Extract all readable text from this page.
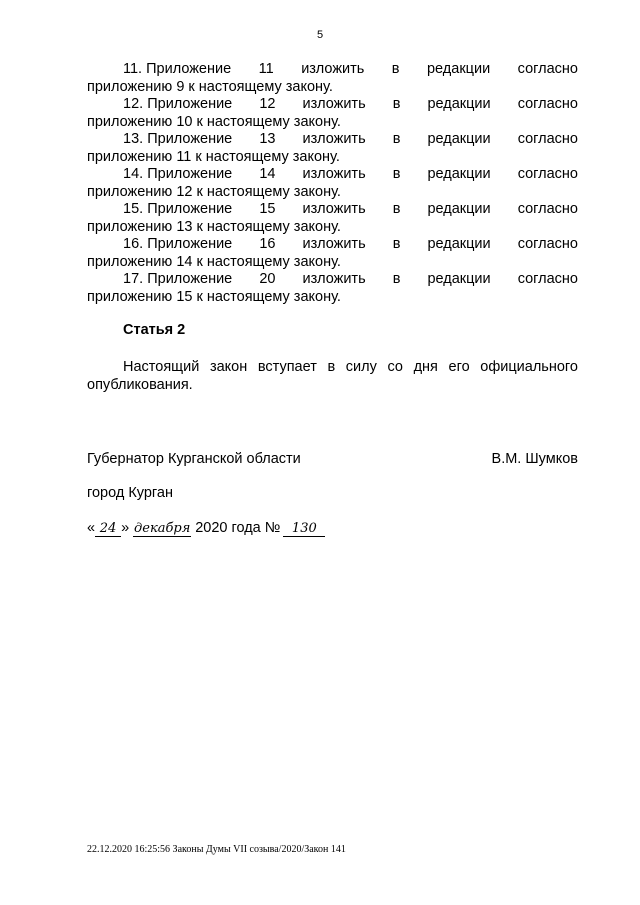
5
11. Приложение 11 изложить в редакции согласно
приложению 9 к настоящему закону.
12. Приложение 12 изложить в редакции согласно
приложению 10 к настоящему закону.
13. Приложение 13 изложить в редакции согласно
приложению 11 к настоящему закону.
14. Приложение 14 изложить в редакции согласно
приложению 12 к настоящему закону.
15. Приложение 15 изложить в редакции согласно
приложению 13 к настоящему закону.
16. Приложение 16 изложить в редакции согласно
приложению 14 к настоящему закону.
17. Приложение 20 изложить в редакции согласно
приложению 15 к настоящему закону.
Статья 2
Настоящий закон вступает в силу со дня его официального
опубликования.
Губернатор Курганской области	В.М. Шумков
город Курган
« 24 » декабря 2020 года № 130
22.12.2020 16:25:56 Законы Думы VII созыва/2020/Закон 141
